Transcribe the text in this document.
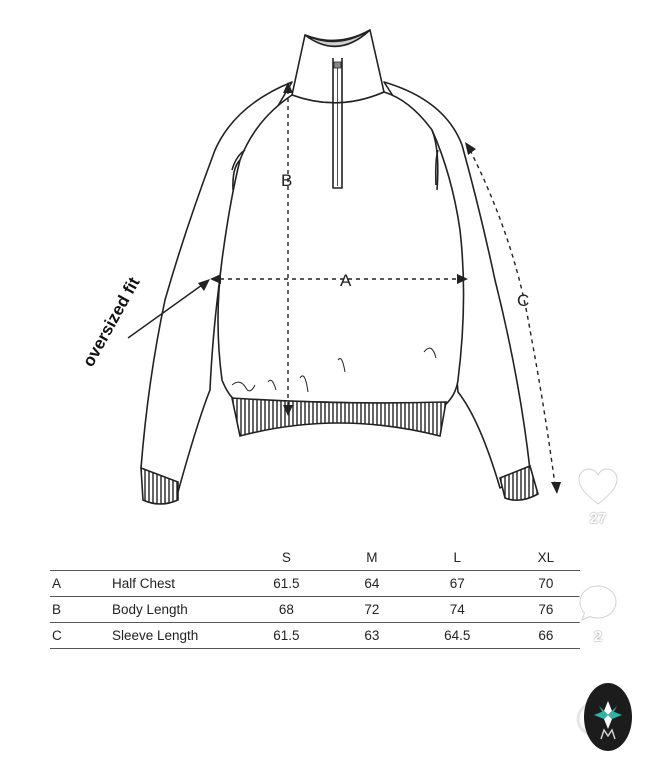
B
A
C
oversized fit
		S	M	L	XL
A	Half Chest	61.5	64	67	70
B	Body Length	68	72	74	76
C	Sleeve Length	61.5	63	64.5	66
27
2
